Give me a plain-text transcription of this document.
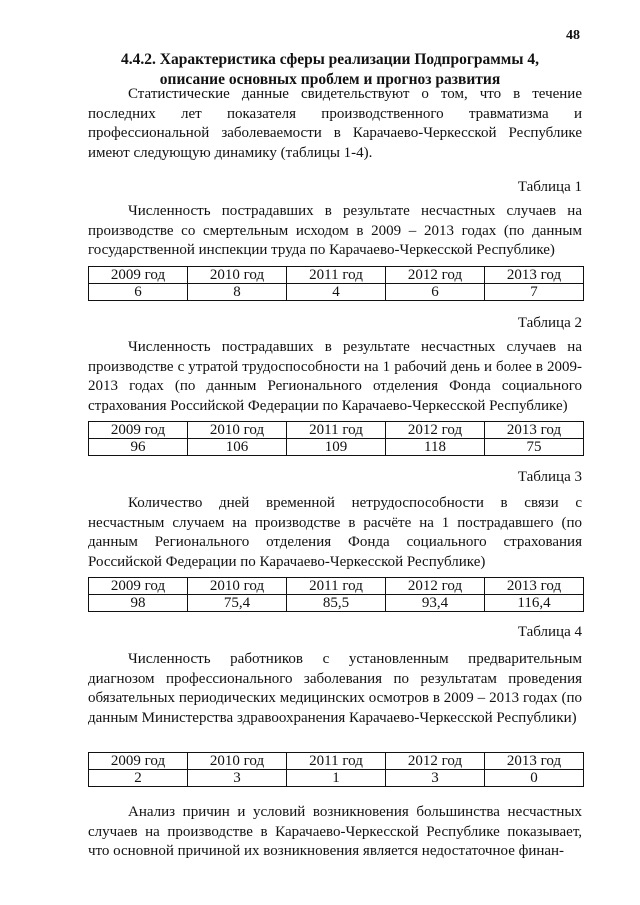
48
4.4.2. Характеристика сферы реализации Подпрограммы 4,
описание основных проблем и прогноз развития

Статистические данные свидетельствуют о том, что в течение последних лет показателя производственного травматизма и профессиональной заболеваемости в Карачаево-Черкесской Республике имеют следующую динамику (таблицы 1-4).

Таблица 1

Численность пострадавших в результате несчастных случаев на производстве со смертельным исходом в 2009 – 2013 годах (по данным государственной инспекции труда по Карачаево-Черкесской Республике)

2009 год	2010 год	2011 год	2012 год	2013 год
6	8	4	6	7
Таблица 2

Численность пострадавших в результате несчастных случаев на производстве с утратой трудоспособности на 1 рабочий день и более в 2009-2013 годах (по данным Регионального отделения Фонда социального страхования Российской Федерации по Карачаево-Черкесской Республике)

2009 год	2010 год	2011 год	2012 год	2013 год
96	106	109	118	75
Таблица 3

Количество дней временной нетрудоспособности в связи с несчастным случаем на производстве в расчёте на 1 пострадавшего (по данным Регионального отделения Фонда социального страхования Российской Федерации по Карачаево-Черкесской Республике)

2009 год	2010 год	2011 год	2012 год	2013 год
98	75,4	85,5	93,4	116,4
Таблица 4

Численность работников с установленным предварительным диагнозом профессионального заболевания по результатам проведения обязательных периодических медицинских осмотров в 2009 – 2013 годах (по данным Министерства здравоохранения Карачаево-Черкесской Республики)

2009 год	2010 год	2011 год	2012 год	2013 год
2	3	1	3	0

Анализ причин и условий возникновения большинства несчастных случаев на производстве в Карачаево-Черкесской Республике показывает, что основной причиной их возникновения является недостаточное финан-
